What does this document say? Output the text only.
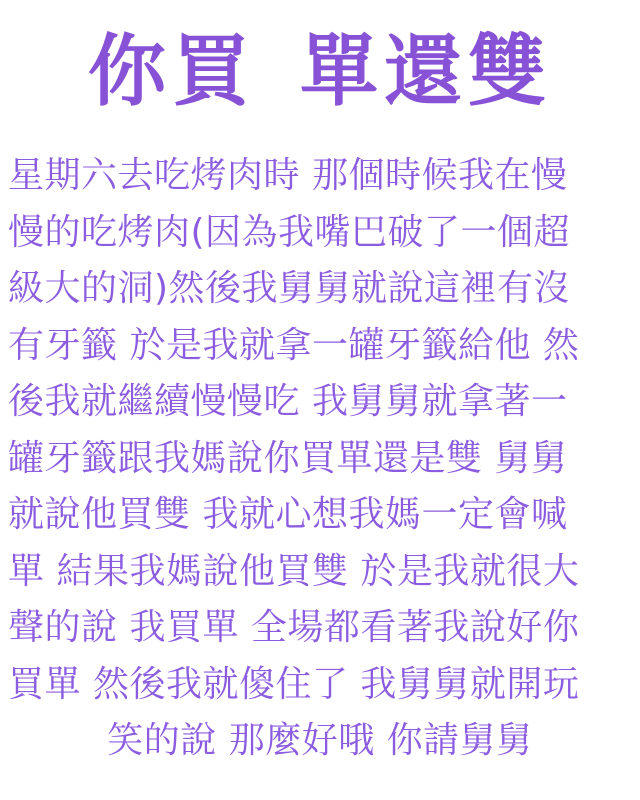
你買 單還雙
星期六去吃烤肉時 那個時候我在慢
慢的吃烤肉(因為我嘴巴破了一個超
級大的洞)然後我舅舅就說這裡有沒
有牙籤 於是我就拿一罐牙籤給他 然
後我就繼續慢慢吃 我舅舅就拿著一
罐牙籤跟我媽說你買單還是雙 舅舅
就說他買雙 我就心想我媽一定會喊
單 結果我媽說他買雙 於是我就很大
聲的說 我買單 全場都看著我說好你
買單 然後我就傻住了 我舅舅就開玩
笑的說 那麼好哦 你請舅舅
